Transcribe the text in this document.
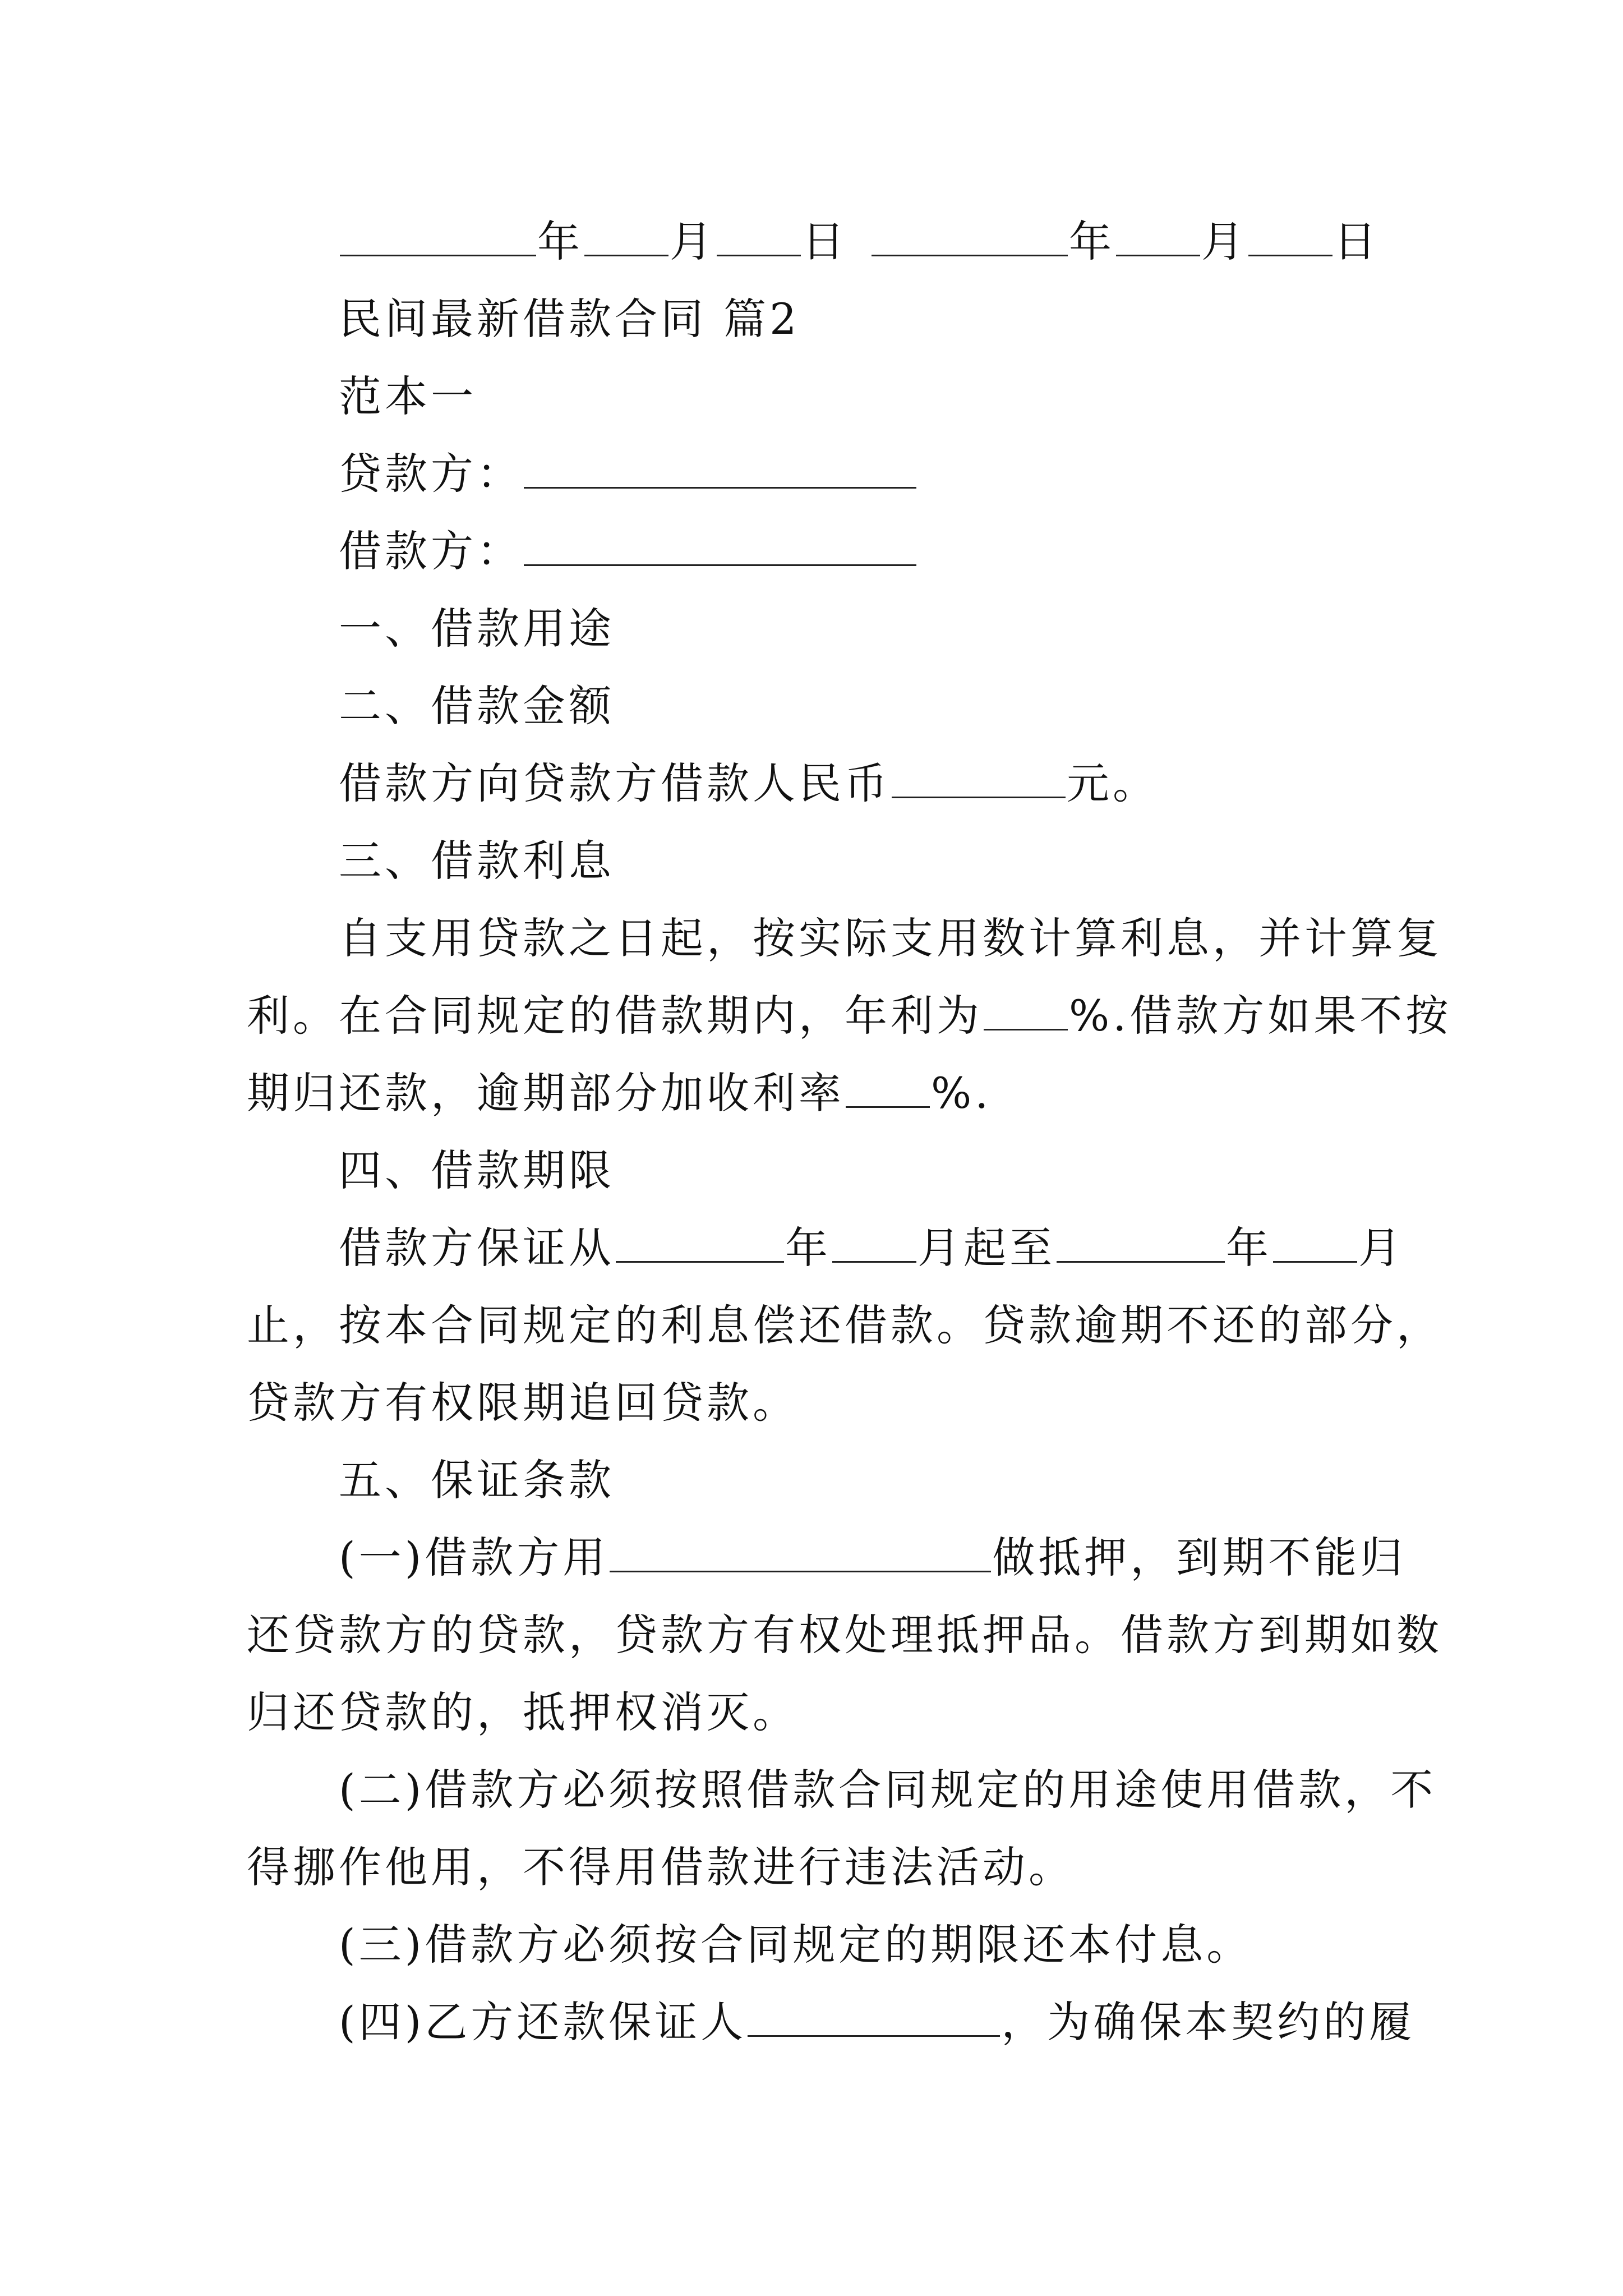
年 月 日	年 月 日
民间最新借款合同 篇2
范本一
贷款方：
借款方：
一、借款用途
二、借款金额
借款方向贷款方借款人民币	元。
三、借款利息
自支用贷款之日起，按实际支用数计算利息，并计算复
利。在合同规定的借款期内，年利为 %.借款方如果不按
期归还款，逾期部分加收利率 %.
四、借款期限
借款方保证从	年 月起至	年 月
止，按本合同规定的利息偿还借款。贷款逾期不还的部分，
贷款方有权限期追回贷款。
五、保证条款
(一)借款方用	做抵押，到期不能归
还贷款方的贷款，贷款方有权处理抵押品。借款方到期如数
归还贷款的，抵押权消灭。
(二)借款方必须按照借款合同规定的用途使用借款，不
得挪作他用，不得用借款进行违法活动。
(三)借款方必须按合同规定的期限还本付息。
(四)乙方还款保证人	，为确保本契约的履
